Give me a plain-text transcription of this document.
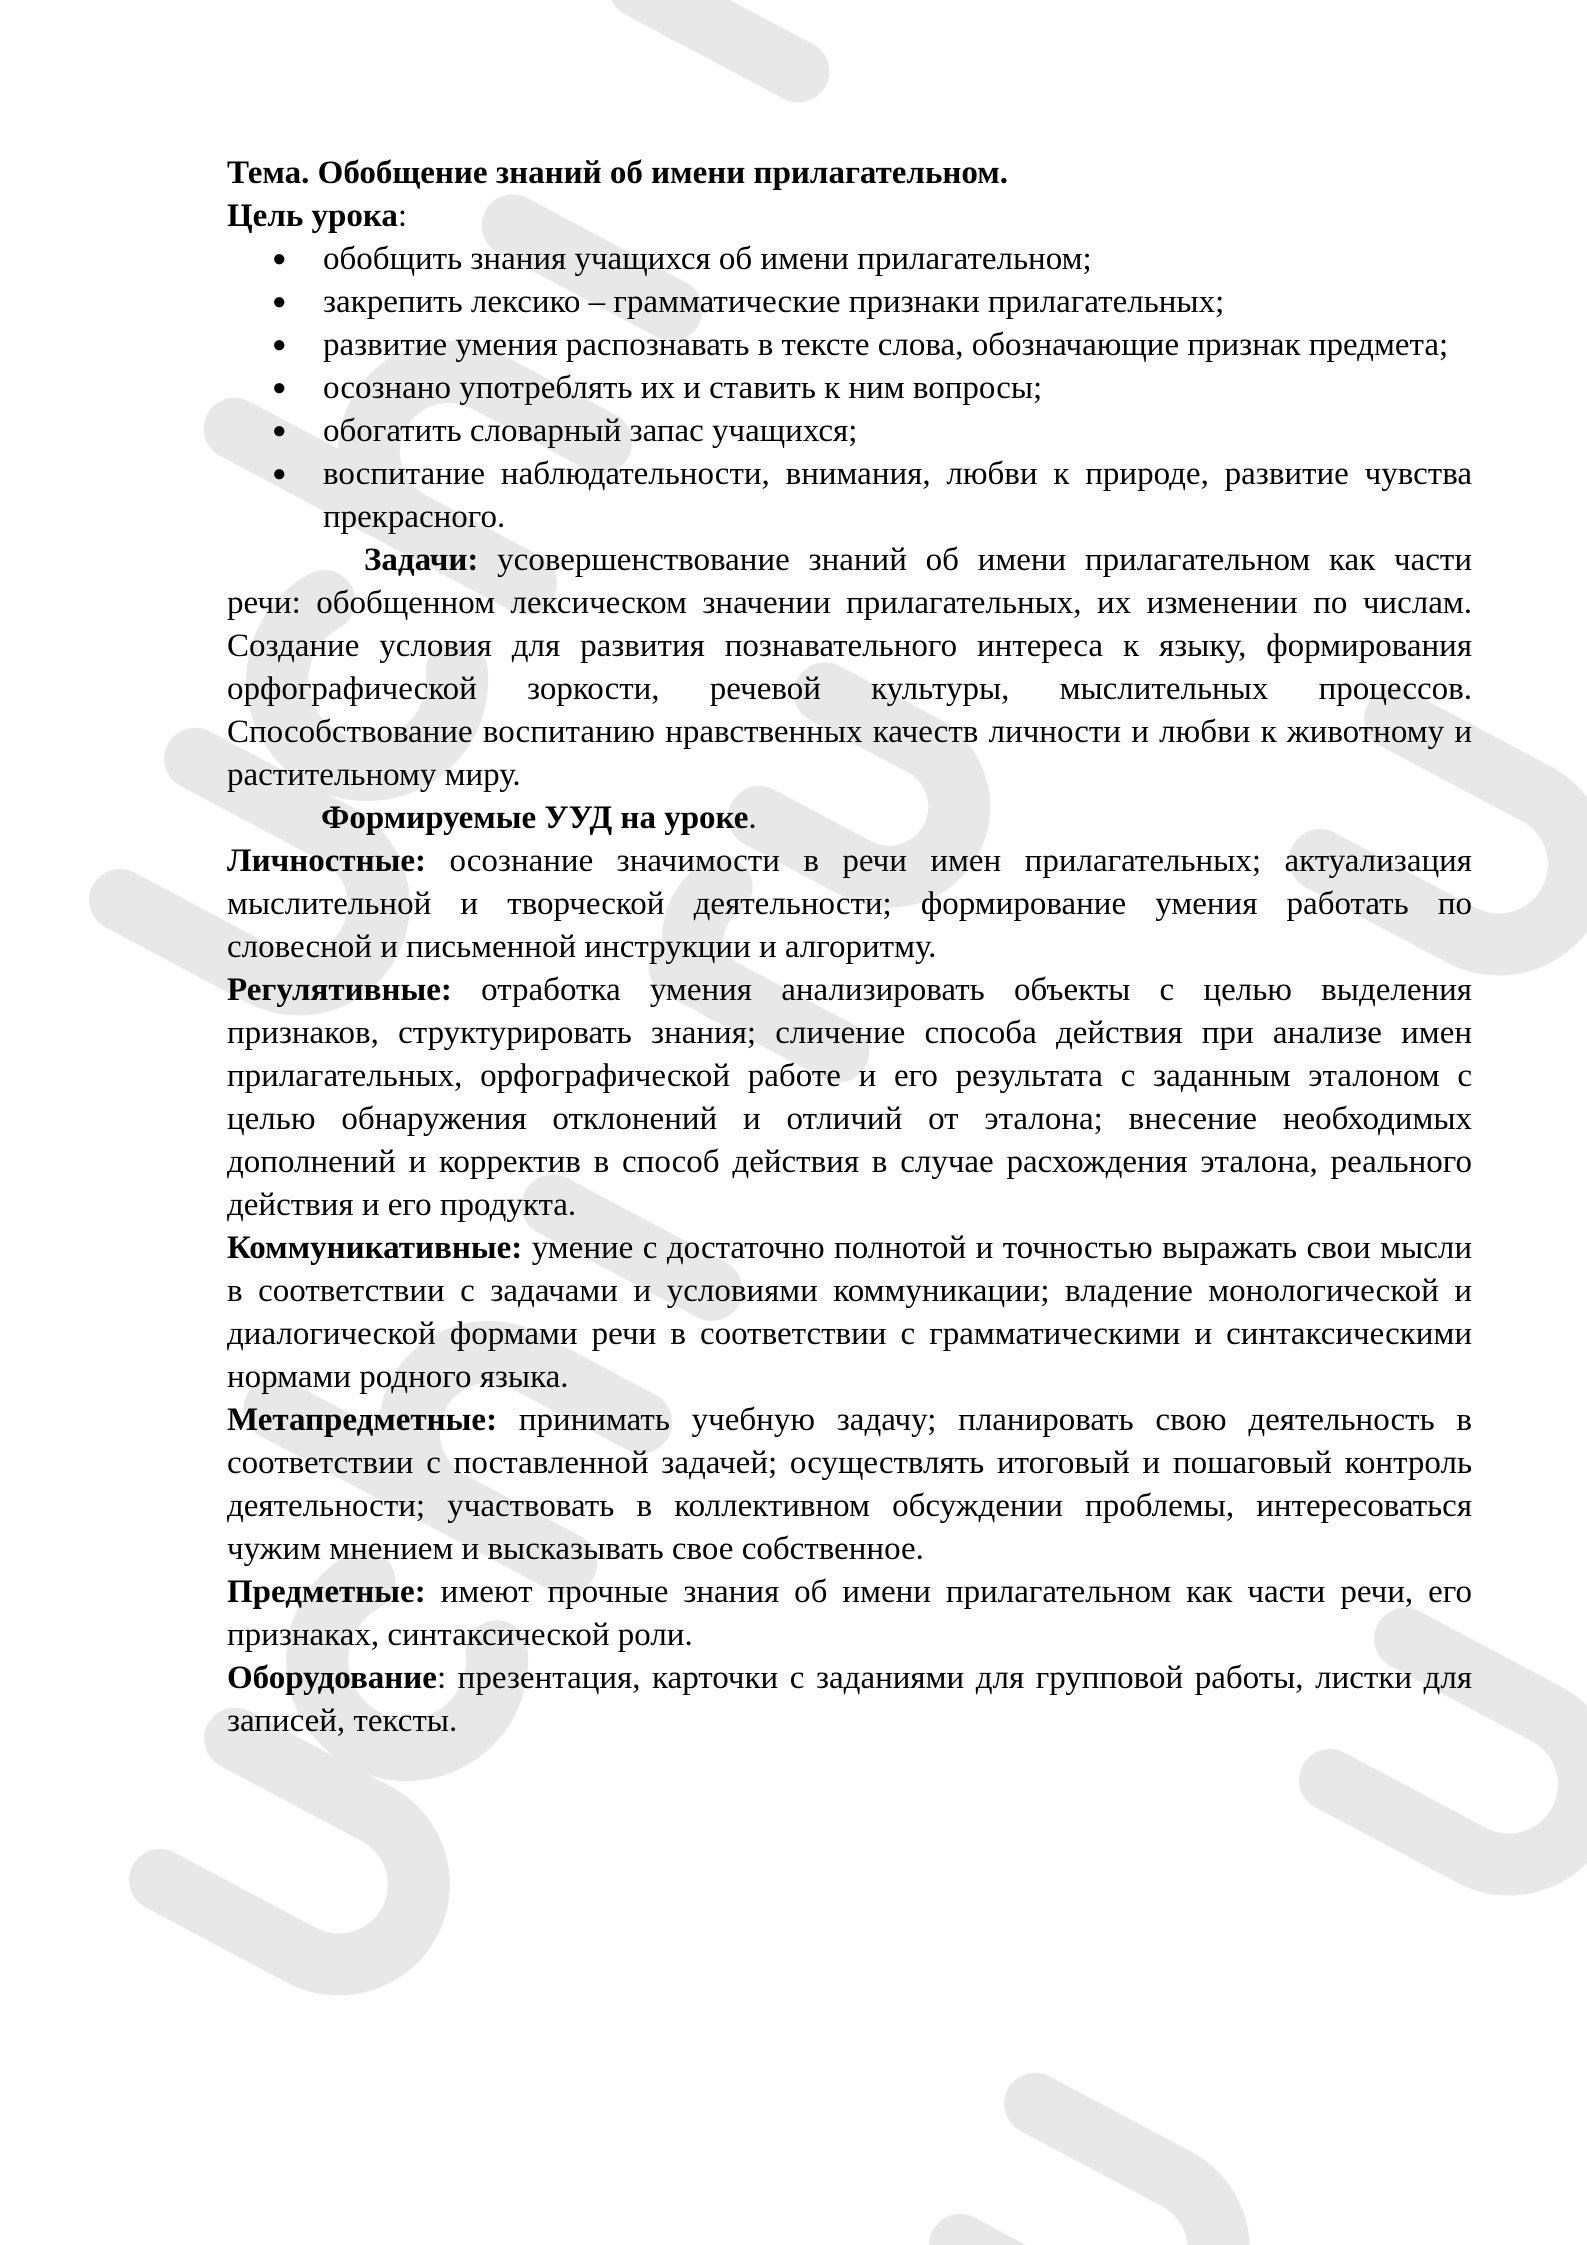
Тема. Обобщение знаний об имени прилагательном.

Цель урока:

● обобщить знания учащихся об имени прилагательном;
● закрепить лексико – грамматические признаки прилагательных;
● развитие умения распознавать в тексте слова, обозначающие признак предмета;
● осознано употреблять их и ставить к ним вопросы;
● обогатить словарный запас учащихся;
● воспитание наблюдательности, внимания, любви к природе, развитие чувства прекрасного.

Задачи: усовершенствование знаний об имени прилагательном как части речи: обобщенном лексическом значении прилагательных, их изменении по числам. Создание условия для развития познавательного интереса к языку, формирования орфографической зоркости, речевой культуры, мыслительных процессов. Способствование воспитанию нравственных качеств личности и любви к животному и растительному миру.

Формируемые УУД на уроке.

Личностные: осознание значимости в речи имен прилагательных; актуализация мыслительной и творческой деятельности; формирование умения работать по словесной и письменной инструкции и алгоритму.

Регулятивные: отработка умения анализировать объекты с целью выделения признаков, структурировать знания; сличение способа действия при анализе имен прилагательных, орфографической работе и его результата с заданным эталоном с целью обнаружения отклонений и отличий от эталона; внесение необходимых дополнений и корректив в способ действия в случае расхождения эталона, реального действия и его продукта.

Коммуникативные: умение с достаточно полнотой и точностью выражать свои мысли в соответствии с задачами и условиями коммуникации; владение монологической и диалогической формами речи в соответствии с грамматическими и синтаксическими нормами родного языка.

Метапредметные: принимать учебную задачу; планировать свою деятельность в соответствии с поставленной задачей; осуществлять итоговый и пошаговый контроль деятельности; участвовать в коллективном обсуждении проблемы, интересоваться чужим мнением и высказывать свое собственное.

Предметные: имеют прочные знания об имени прилагательном как части речи, его признаках, синтаксической роли.

Оборудование: презентация, карточки с заданиями для групповой работы, листки для записей, тексты.
